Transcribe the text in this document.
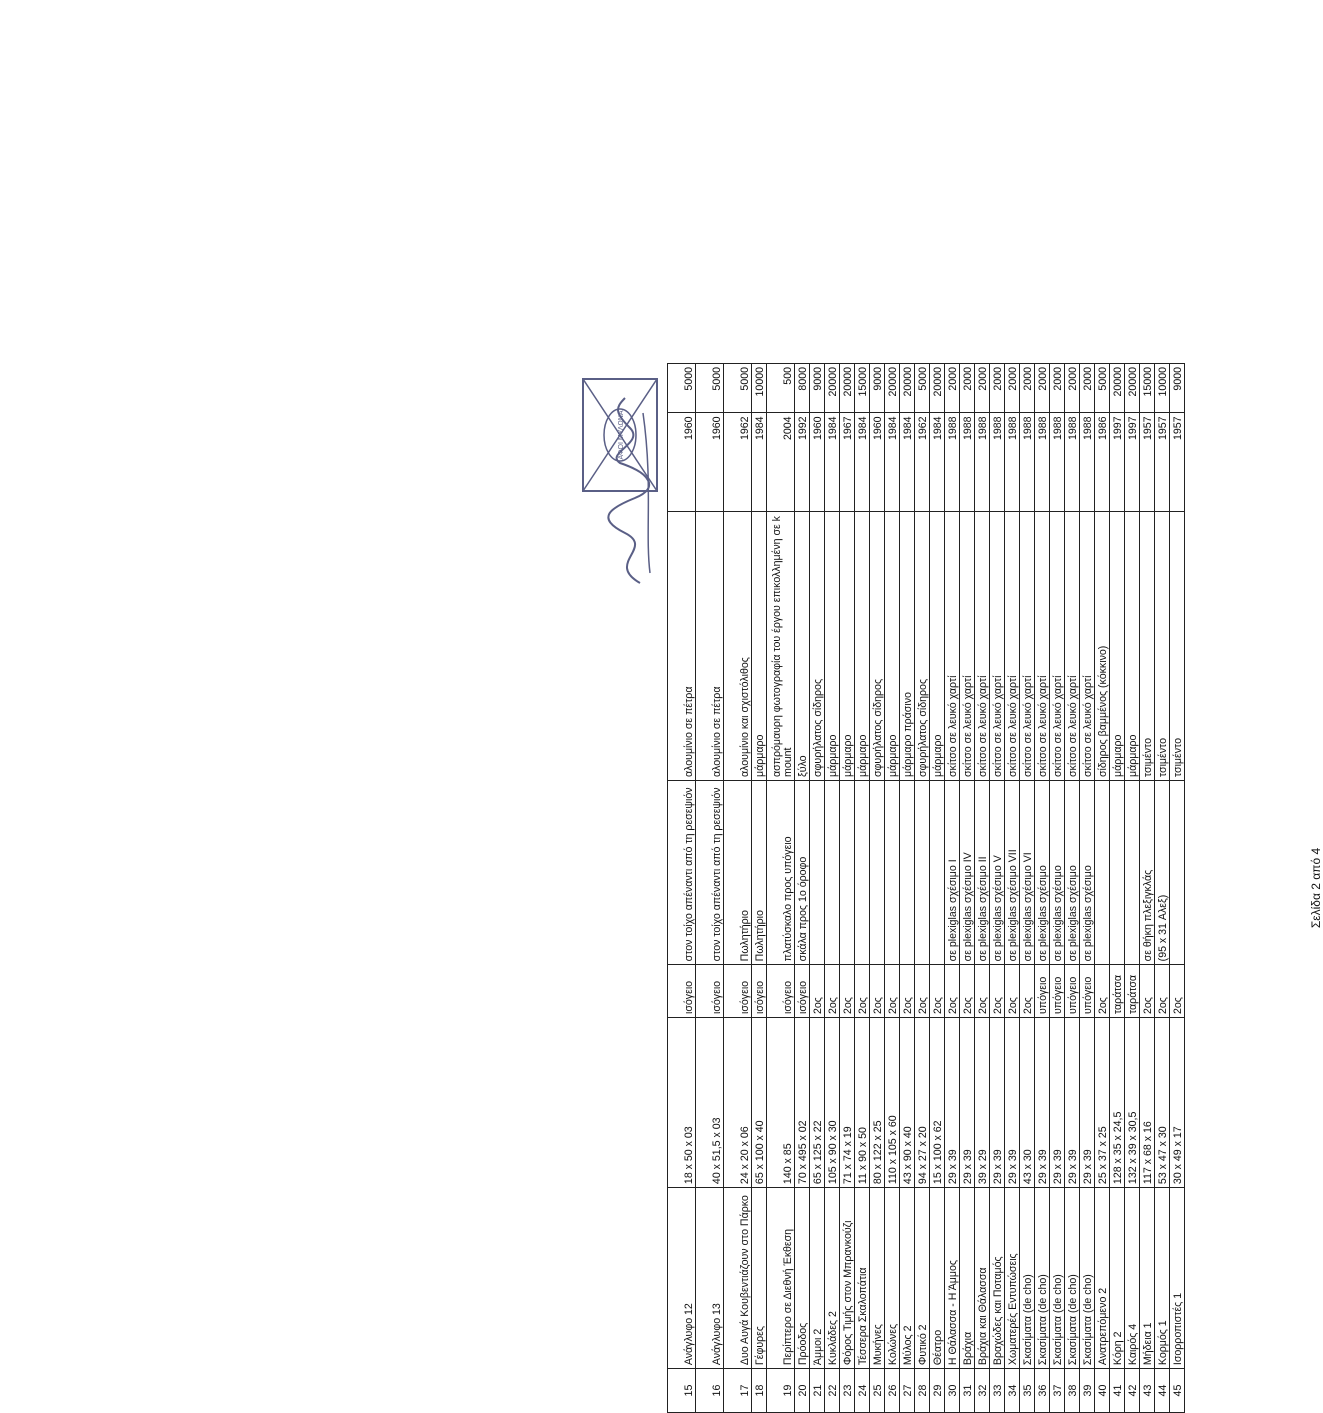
15	Ανάγλυφο 12	18 x 50 x 03	ισόγειο	στον τοίχο απέναντι από τη ρεσεψιόν	αλουμίνιο σε πέτρα	1960	5000
16	Ανάγλυφο 13	40 x 51,5 x 03	ισόγειο	στον τοίχο απέναντι από τη ρεσεψιόν	αλουμίνιο σε πέτρα	1960	5000
17	Δυο Αυγά Κουβεντιάζουν στο Πάρκο	24 x 20 x 06	ισόγειο	Πωλητήριο	αλουμίνιο και σχιστόλιθος	1962	5000
18	Γέφυρες	65 x 100 x 40	ισόγειο	Πωλητήριο	μάρμαρο	1984	10000
19	Περίπτερο σε Διεθνή Έκθεση	140 x 85	ισόγειο	πλατύσκαλο προς υπόγειο	ασπρόμαυρη φωτογραφία του έργου επικολλημένη σε k mount	2004	500
20	Πρόοδος	70 x 495 x 02	ισόγειο	σκάλα προς 1ο όροφο	ξύλο	1992	8000
21	Άμμοι 2	65 x 125 x 22	2ος		σφυρήλατος σίδηρος	1960	9000
22	Κυκλάδες 2	105 x 90 x 30	2ος		μάρμαρο	1984	20000
23	Φόρος Τιμής στον Μπρανκούζι	71 x 74 x 19	2ος		μάρμαρο	1967	20000
24	Τέσσερα Σκαλοπάτια	11 x 90 x 50	2ος		μάρμαρο	1984	15000
25	Μυκήνες	80 x 122 x 25	2ος		σφυρήλατος σίδηρος	1960	9000
26	Κολώνες	110 x 105 x 60	2ος		μάρμαρο	1984	20000
27	Μύλος 2	43 x 90 x 40	2ος		μάρμαρο πράσινο	1984	20000
28	Φυτικό 2	94 x 27 x 20	2ος		σφυρήλατος σίδηρος	1962	5000
29	Θέατρο	15 x 100 x 62	2ος		μάρμαρο	1984	20000
30	Η Θάλασσα - Η Άμμος	29 x 39	2ος	σε plexiglas σχέσιμο I	σκίτσο σε λευκό χαρτί	1988	2000
31	Βράχια	29 x 39	2ος	σε plexiglas σχέσιμο IV	σκίτσο σε λευκό χαρτί	1988	2000
32	Βράχια και Θάλασσα	39 x 29	2ος	σε plexiglas σχέσιμο II	σκίτσο σε λευκό χαρτί	1988	2000
33	Βραχώδες και Ποταμός	29 x 39	2ος	σε plexiglas σχέσιμο V	σκίτσο σε λευκό χαρτί	1988	2000
34	Χωματερές Εντυπώσεις	29 x 39	2ος	σε plexiglas σχέσιμο VII	σκίτσο σε λευκό χαρτί	1988	2000
35	Σκασίματα (de cho)	43 x 30	2ος	σε plexiglas σχέσιμο VI	σκίτσο σε λευκό χαρτί	1988	2000
36	Σκασίματα (de cho)	29 x 39	υπόγειο	σε plexiglas σχέσιμο	σκίτσο σε λευκό χαρτί	1988	2000
37	Σκασίματα (de cho)	29 x 39	υπόγειο	σε plexiglas σχέσιμο	σκίτσο σε λευκό χαρτί	1988	2000
38	Σκασίματα (de cho)	29 x 39	υπόγειο	σε plexiglas σχέσιμο	σκίτσο σε λευκό χαρτί	1988	2000
39	Σκασίματα (de cho)	29 x 39	υπόγειο	σε plexiglas σχέσιμο	σκίτσο σε λευκό χαρτί	1988	2000
40	Ανατρεπόμενο 2	25 x 37 x 25	2ος		σίδηρος βαμμένος (κόκκινο)	1986	5000
41	Κόρη 2	128 x 35 x 24,5	ταράτσα		μάρμαρο	1997	20000
42	Καιρός 4	132 x 39 x 30,5	ταράτσα		μάρμαρο	1997	20000
43	Μήδεια 1	117 x 68 x 16	2ος	σε θήκη πλεξιγκλάς	τσιμέντο	1957	15000
44	Κορμός 1	53 x 47 x 30	2ος	(95 x 31 Αλεξ)	τσιμέντο	1957	10000
45	Ισορροπιστές 1	30 x 49 x 17	2ος		τσιμέντο	1957	9000
Σελίδα 2 από 4
ΑΦΟΙ ΜΥΛΩΝΑ
